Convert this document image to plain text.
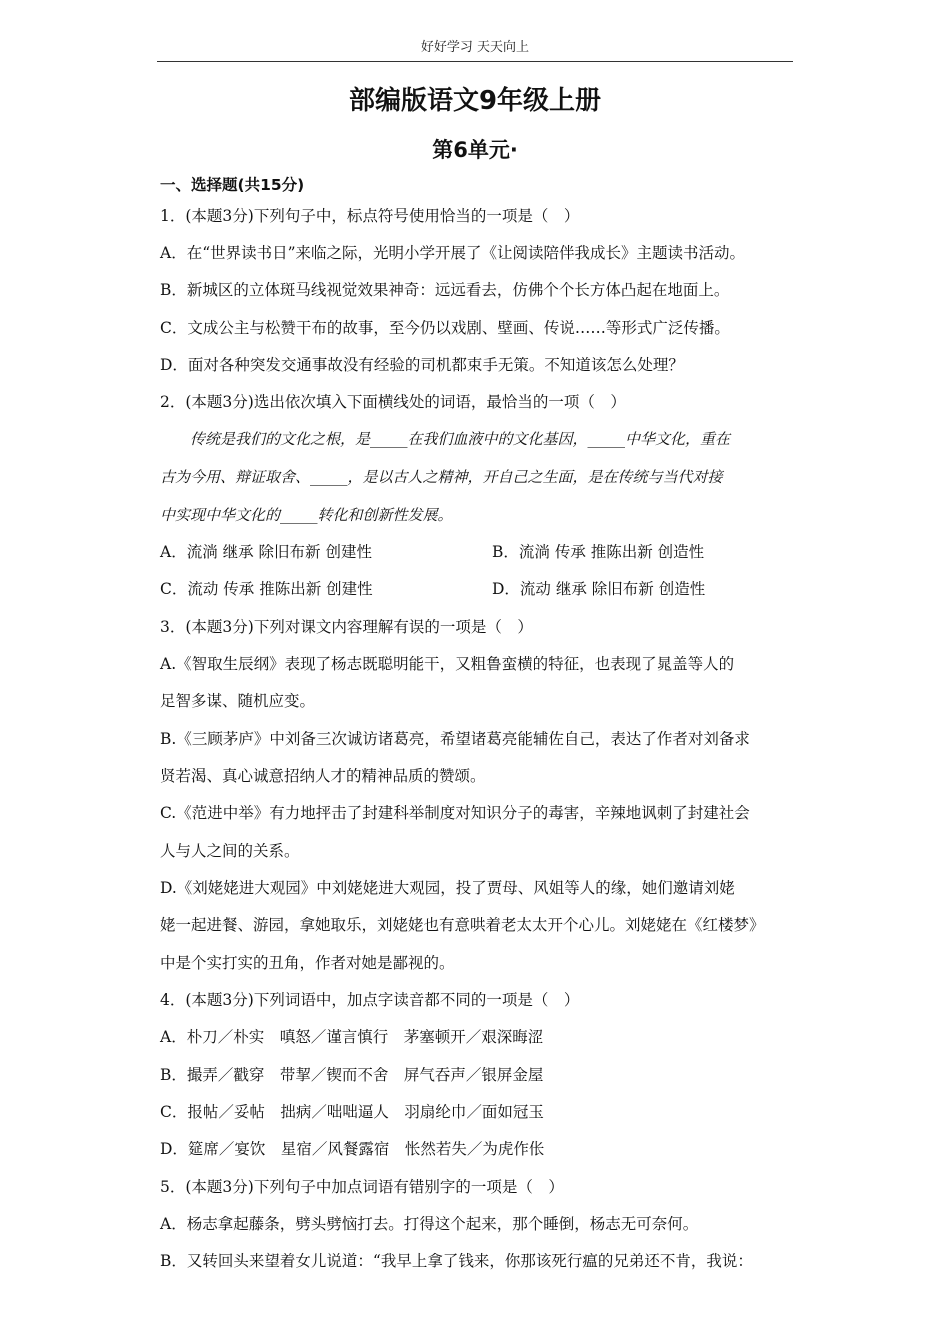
好好学习 天天向上
部编版语文9年级上册
第6单元·
一、选择题(共15分)
1．(本题3分)下列句子中，标点符号使用恰当的一项是（　）
A．在“世界读书日”来临之际，光明小学开展了《让阅读陪伴我成长》主题读书活动。
B．新城区的立体斑马线视觉效果神奇：远远看去，仿佛个个长方体凸起在地面上。
C．文成公主与松赞干布的故事，至今仍以戏剧、壁画、传说……等形式广泛传播。
D．面对各种突发交通事故没有经验的司机都束手无策。不知道该怎么处理？
2．(本题3分)选出依次填入下面横线处的词语，最恰当的一项（　）
　　传统是我们的文化之根，是_____在我们血液中的文化基因，_____中华文化，重在
古为今用、辩证取舍、_____，是以古人之精神，开自己之生面，是在传统与当代对接
中实现中华文化的_____转化和创新性发展。
A．流淌 继承 除旧布新 创建性	B．流淌 传承 推陈出新 创造性
C．流动 传承 推陈出新 创建性	D．流动 继承 除旧布新 创造性
3．(本题3分)下列对课文内容理解有误的一项是（　）
A.《智取生辰纲》表现了杨志既聪明能干，又粗鲁蛮横的特征，也表现了晁盖等人的
足智多谋、随机应变。
B.《三顾茅庐》中刘备三次诚访诸葛亮，希望诸葛亮能辅佐自己，表达了作者对刘备求
贤若渴、真心诚意招纳人才的精神品质的赞颂。
C.《范进中举》有力地抨击了封建科举制度对知识分子的毒害，辛辣地讽刺了封建社会
人与人之间的关系。
D.《刘姥姥进大观园》中刘姥姥进大观园，投了贾母、风姐等人的缘，她们邀请刘姥
姥一起进餐、游园，拿她取乐，刘姥姥也有意哄着老太太开个心儿。刘姥姥在《红楼梦》
中是个实打实的丑角，作者对她是鄙视的。
4．(本题3分)下列词语中，加点字读音都不同的一项是（　）
A．朴刀／朴实　嗔怒／谨言慎行　茅塞顿开／艰深晦涩
B．撮弄／戳穿　带挈／锲而不舍　屏气吞声／银屏金屋
C．报帖／妥帖　拙病／咄咄逼人　羽扇纶巾／面如冠玉
D．筵席／宴饮　星宿／风餐露宿　怅然若失／为虎作伥
5．(本题3分)下列句子中加点词语有错别字的一项是（　）
A．杨志拿起藤条，劈头劈恼打去。打得这个起来，那个睡倒，杨志无可奈何。
B．又转回头来望着女儿说道：“我早上拿了钱来，你那该死行瘟的兄弟还不肯，我说：
